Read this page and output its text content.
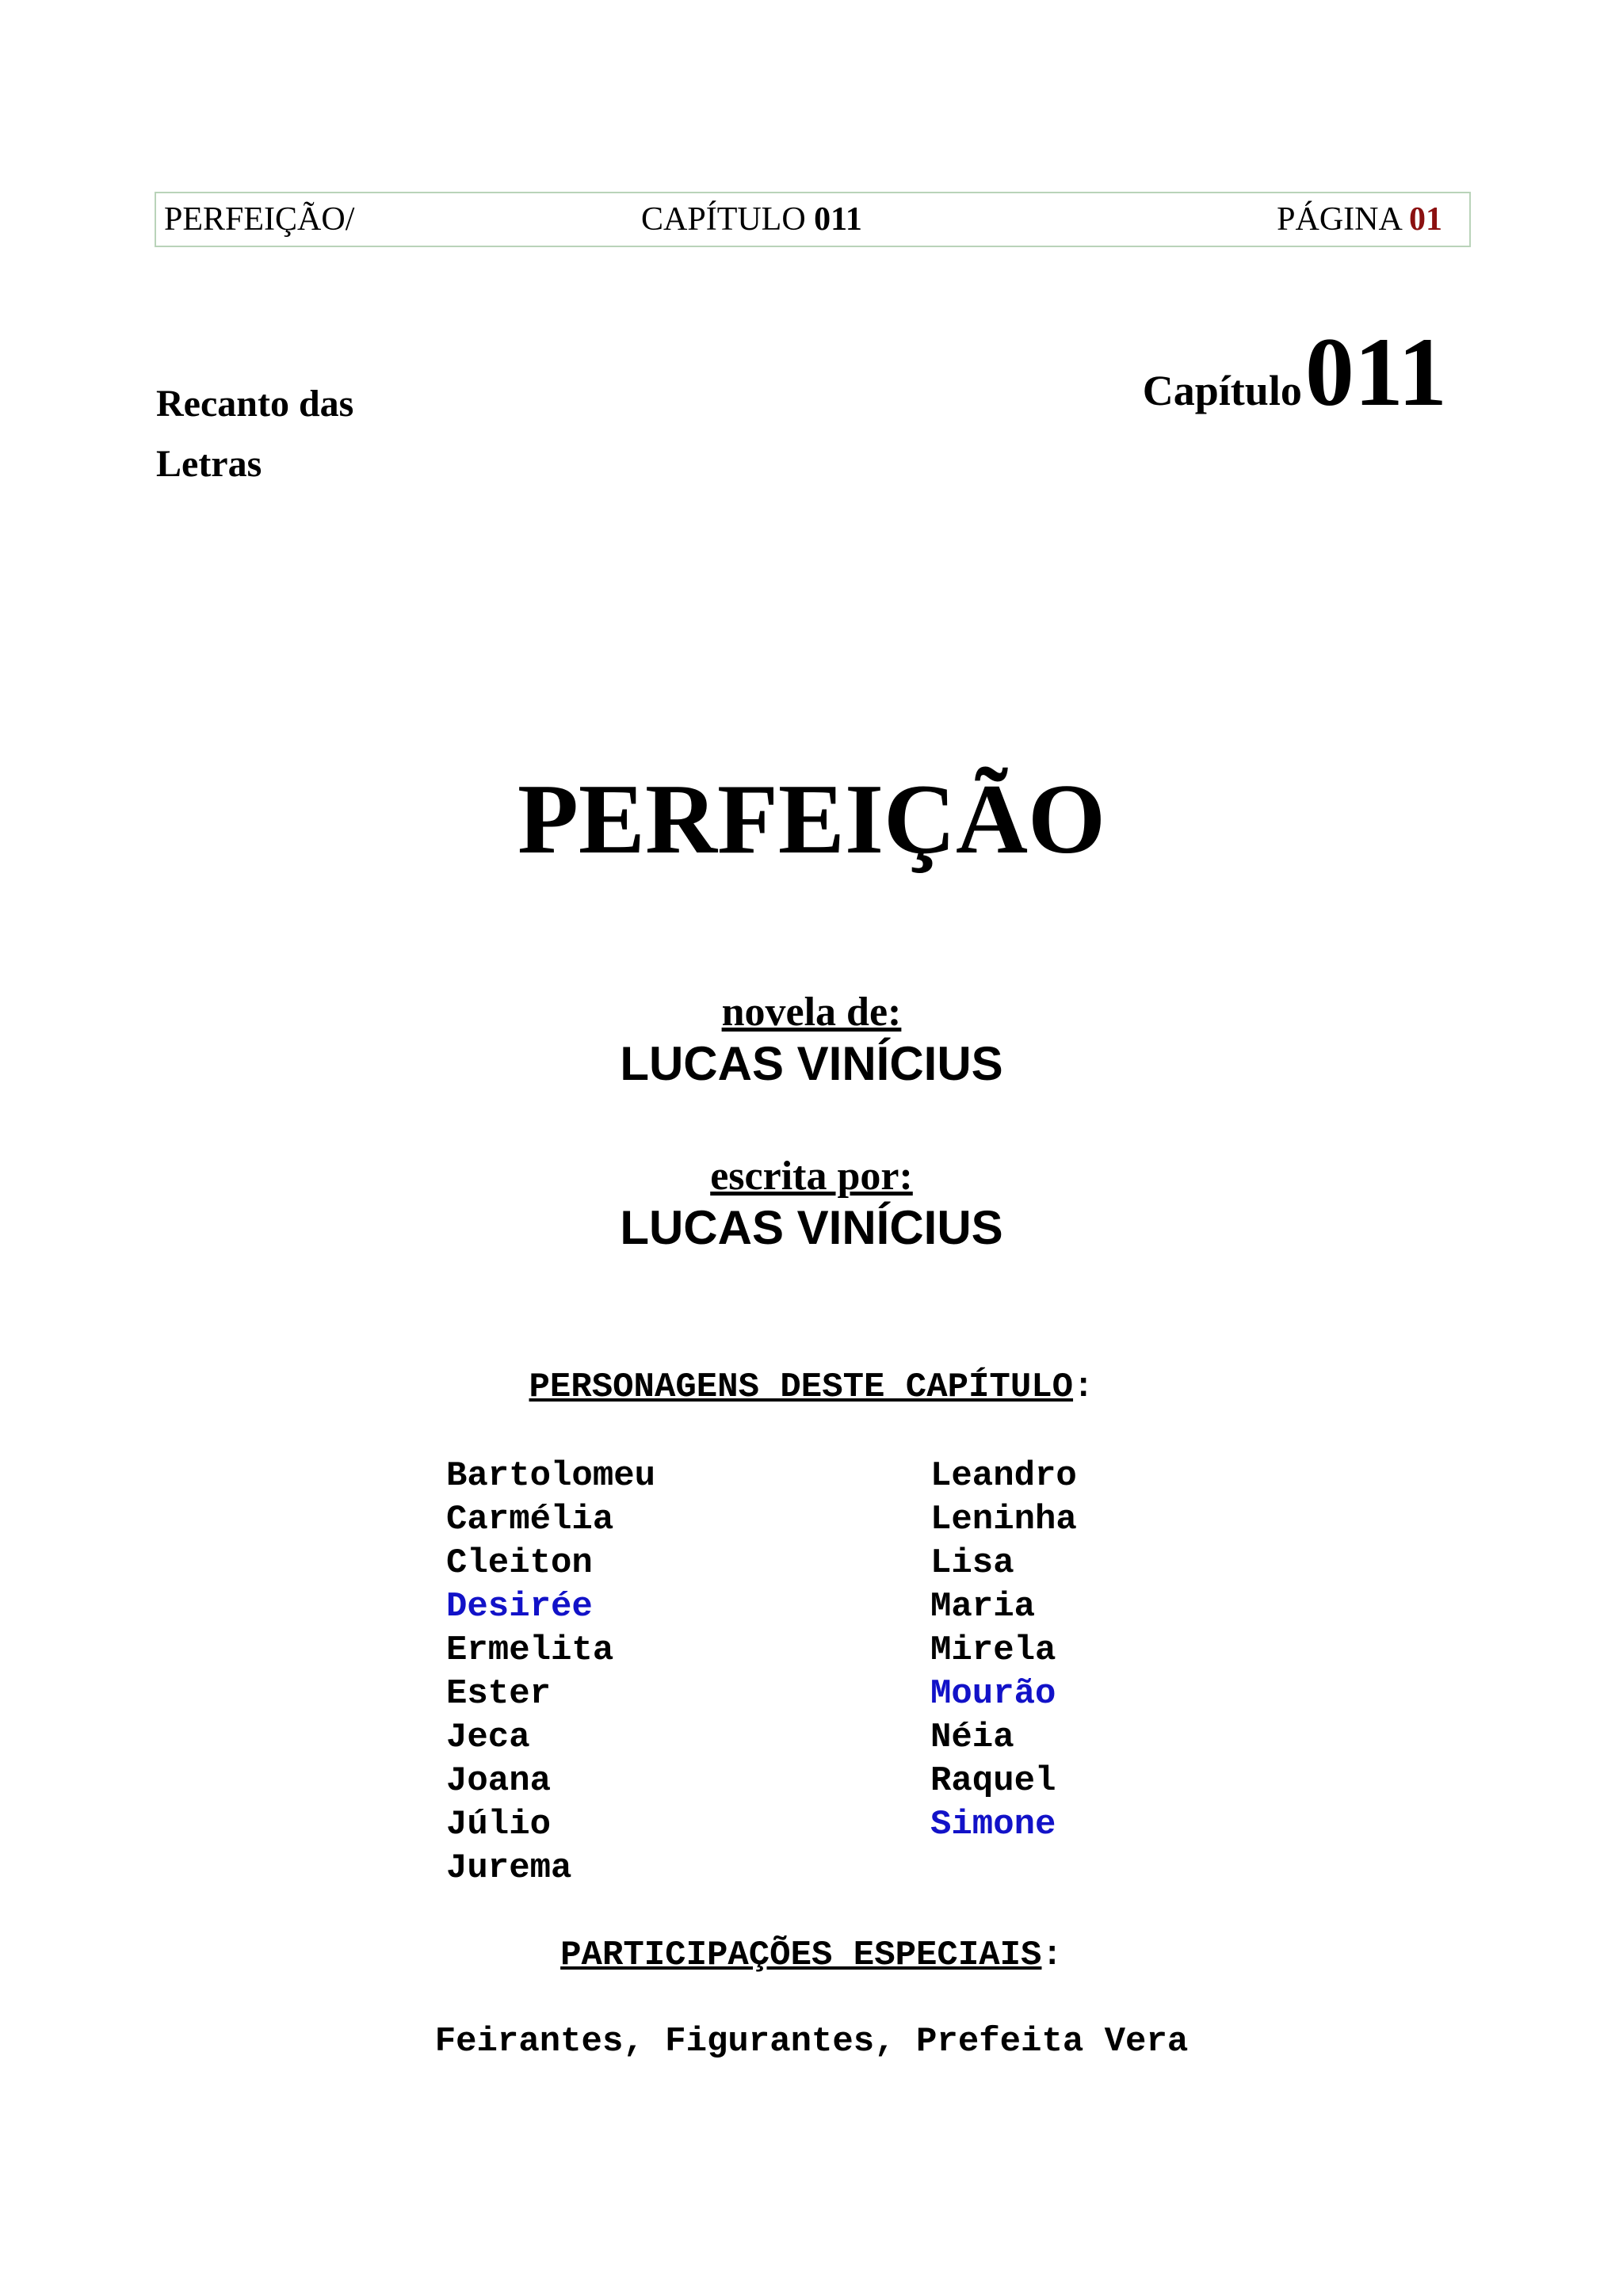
PERFEIÇÃO/	CAPÍTULO 011	PÁGINA 01
Recanto das
Letras
Capítulo 011
PERFEIÇÃO
novela de:
LUCAS VINÍCIUS
escrita por:
LUCAS VINÍCIUS
PERSONAGENS DESTE CAPÍTULO:
Bartolomeu
Carmélia
Cleiton
Desirée
Ermelita
Ester
Jeca
Joana
Júlio
Jurema
Leandro
Leninha
Lisa
Maria
Mirela
Mourão
Néia
Raquel
Simone
PARTICIPAÇÕES ESPECIAIS:
Feirantes, Figurantes, Prefeita Vera
